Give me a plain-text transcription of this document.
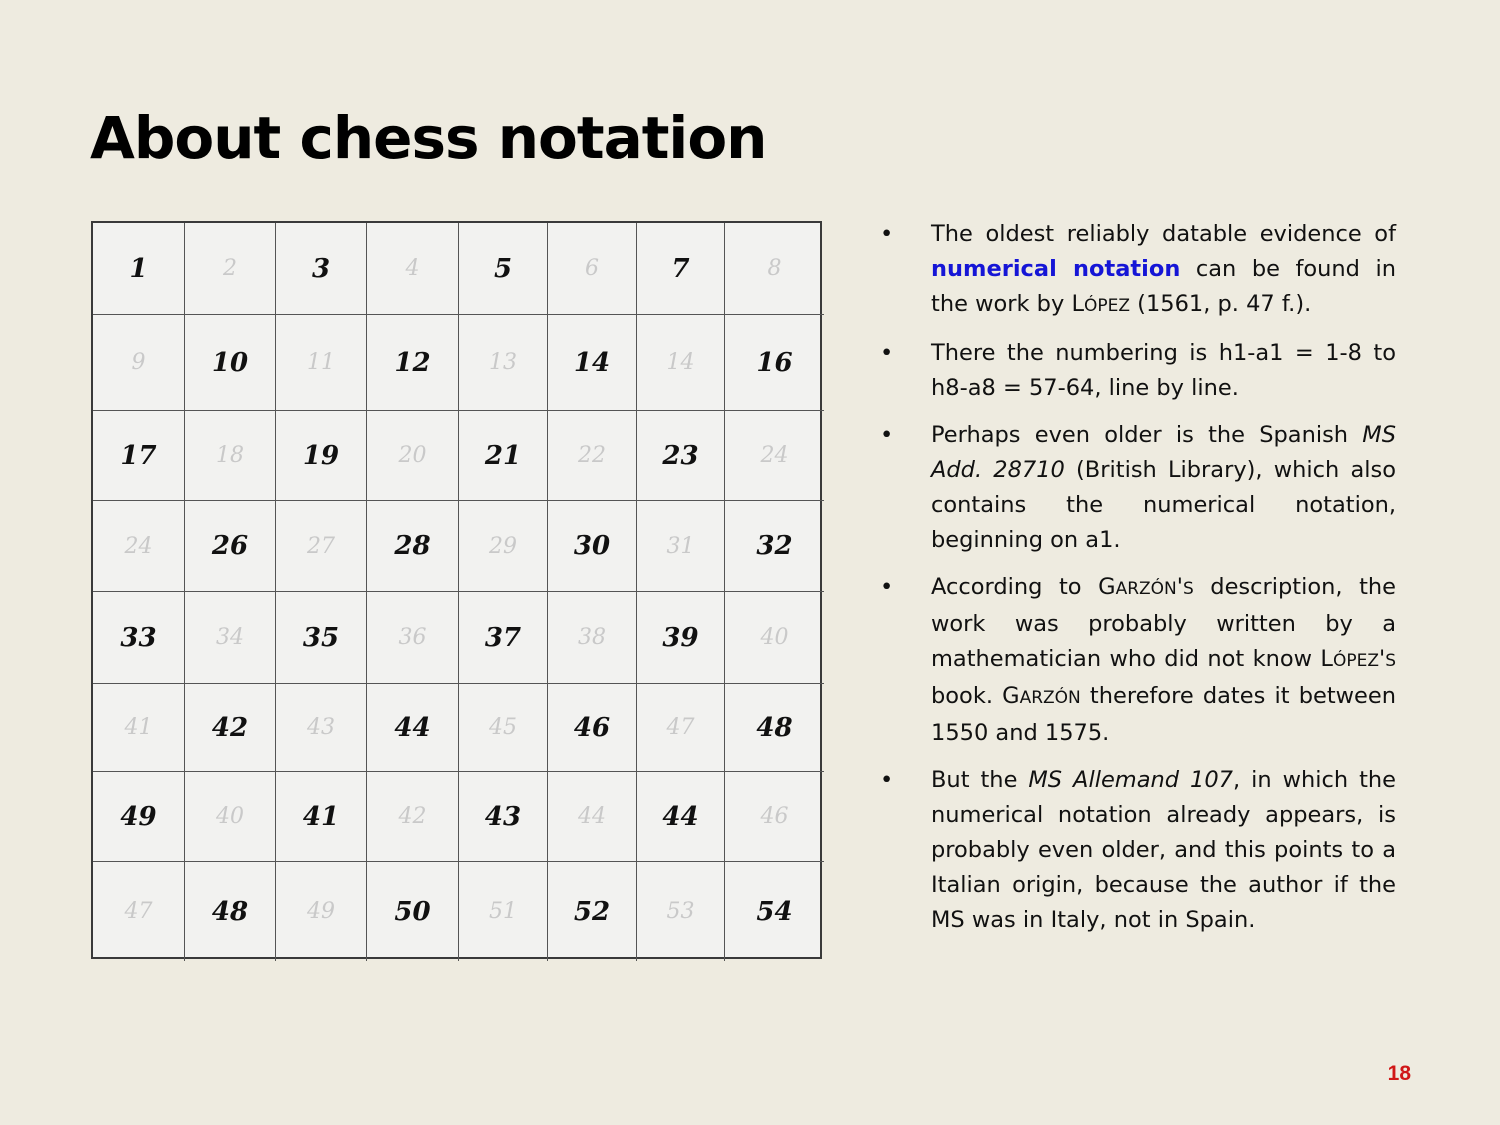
About chess notation
1	2	3	4	5	6	7	8
9	10	11	12	13	14	14	16
17	18	19	20	21	22	23	24
24	26	27	28	29	30	31	32
33	34	35	36	37	38	39	40
41	42	43	44	45	46	47	48
49	40	41	42	43	44	44	46
47	48	49	50	51	52	53	54
• The oldest reliably datable evidence of numerical notation can be found in the work by LÓPEZ (1561, p. 47 f.).
• There the numbering is h1-a1 = 1-8 to h8-a8 = 57-64, line by line.
• Perhaps even older is the Spanish MS Add. 28710 (British Library), which also contains the numerical notation, beginning on a1.
• According to GARZÓN'S description, the work was probably written by a mathematician who did not know LÓPEZ'S book. GARZÓN therefore dates it between 1550 and 1575.
• But the MS Allemand 107, in which the numerical notation already appears, is probably even older, and this points to a Italian origin, because the author if the MS was in Italy, not in Spain.
18
